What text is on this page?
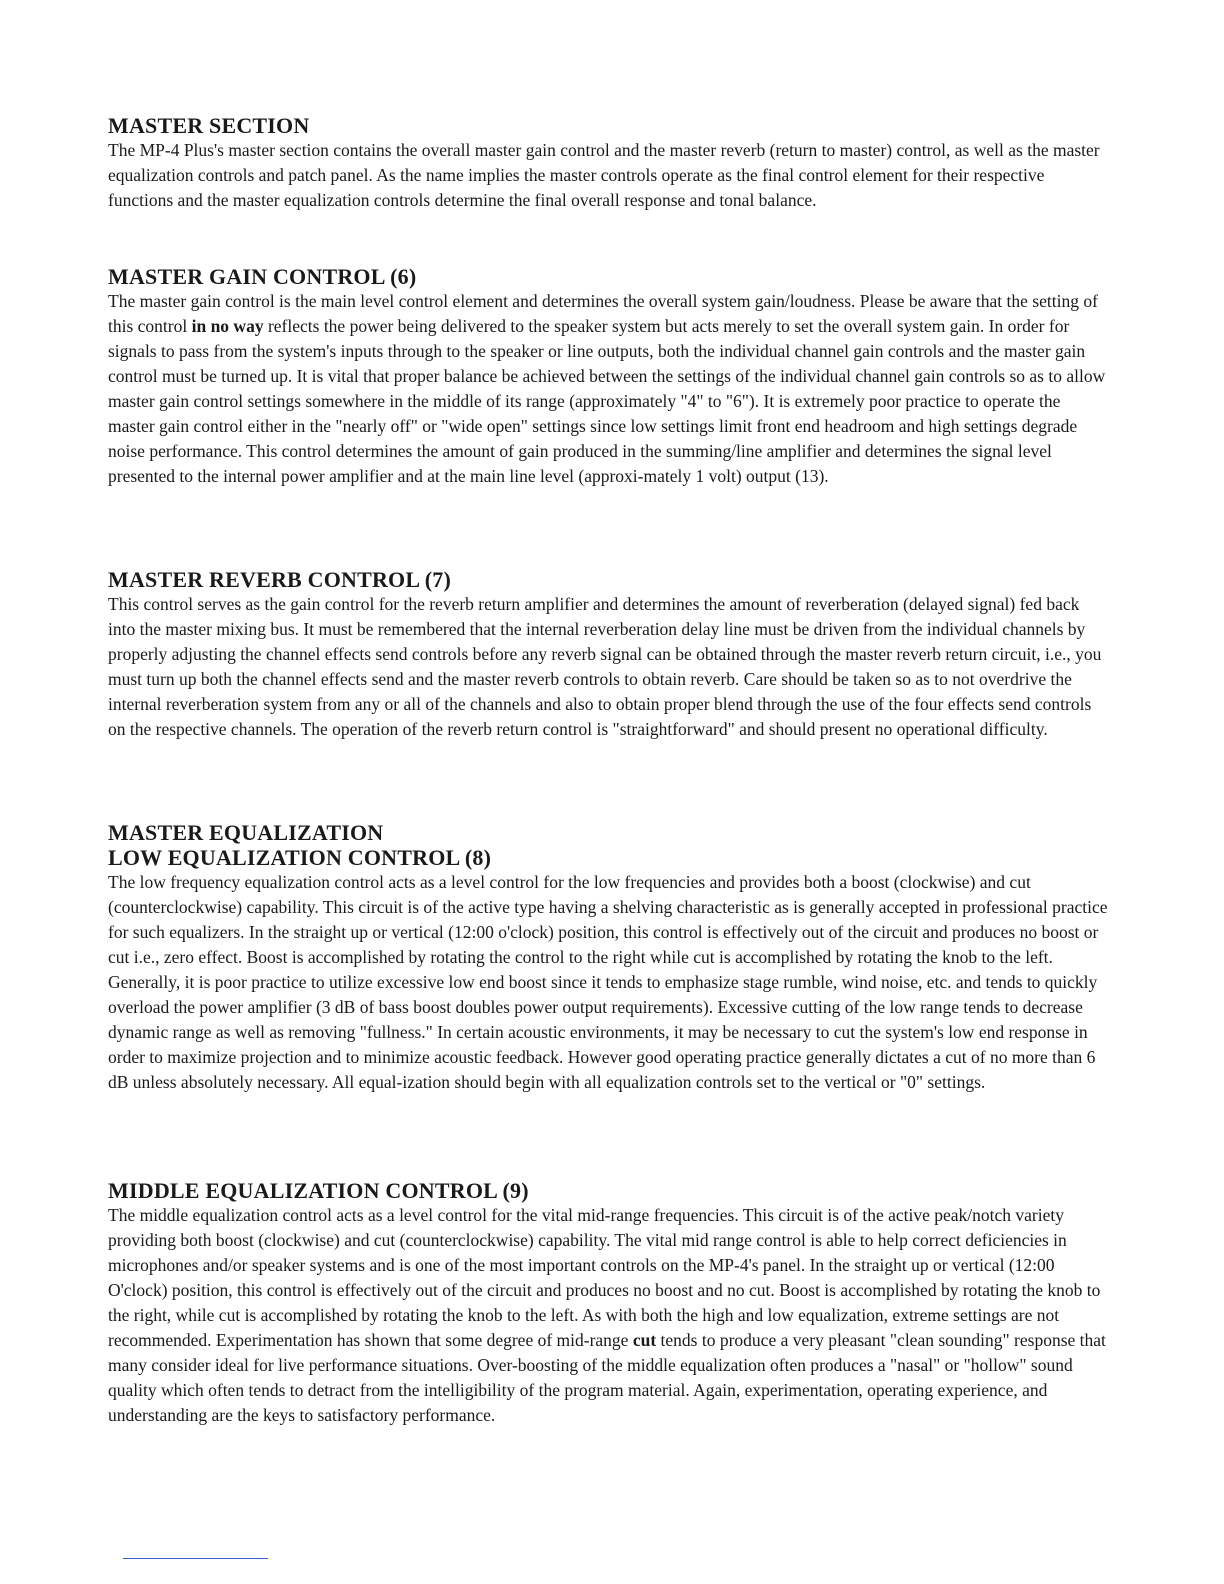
MASTER SECTION

The MP-4 Plus's master section contains the overall master gain control and the master reverb (return to master) control, as well as the master equalization controls and patch panel. As the name implies the master controls operate as the final control element for their respective functions and the master equalization controls determine the final overall response and tonal balance.

MASTER GAIN CONTROL (6)

The master gain control is the main level control element and determines the overall system gain/loudness. Please be aware that the setting of this control in no way reflects the power being delivered to the speaker system but acts merely to set the overall system gain. In order for signals to pass from the system's inputs through to the speaker or line outputs, both the individual channel gain controls and the master gain control must be turned up. It is vital that proper balance be achieved between the settings of the individual channel gain controls so as to allow master gain control settings somewhere in the middle of its range (approximately "4" to "6"). It is extremely poor practice to operate the master gain control either in the "nearly off" or "wide open" settings since low settings limit front end headroom and high settings degrade noise performance. This control determines the amount of gain produced in the summing/line amplifier and determines the signal level presented to the internal power amplifier and at the main line level (approxi-mately 1 volt) output (13).

MASTER REVERB CONTROL (7)

This control serves as the gain control for the reverb return amplifier and determines the amount of reverberation (delayed signal) fed back into the master mixing bus. It must be remembered that the internal reverberation delay line must be driven from the individual channels by properly adjusting the channel effects send controls before any reverb signal can be obtained through the master reverb return circuit, i.e., you must turn up both the channel effects send and the master reverb controls to obtain reverb. Care should be taken so as to not overdrive the internal reverberation system from any or all of the channels and also to obtain proper blend through the use of the four effects send controls on the respective channels. The operation of the reverb return control is "straightforward" and should present no operational difficulty.

MASTER EQUALIZATION
LOW EQUALIZATION CONTROL (8)

The low frequency equalization control acts as a level control for the low frequencies and provides both a boost (clockwise) and cut (counterclockwise) capability. This circuit is of the active type having a shelving characteristic as is generally accepted in professional practice for such equalizers. In the straight up or vertical (12:00 o'clock) position, this control is effectively out of the circuit and produces no boost or cut i.e., zero effect. Boost is accomplished by rotating the control to the right while cut is accomplished by rotating the knob to the left. Generally, it is poor practice to utilize excessive low end boost since it tends to emphasize stage rumble, wind noise, etc. and tends to quickly overload the power amplifier (3 dB of bass boost doubles power output requirements). Excessive cutting of the low range tends to decrease dynamic range as well as removing "fullness." In certain acoustic environments, it may be necessary to cut the system's low end response in order to maximize projection and to minimize acoustic feedback. However good operating practice generally dictates a cut of no more than 6 dB unless absolutely necessary. All equal-ization should begin with all equalization controls set to the vertical or "0" settings.

MIDDLE EQUALIZATION CONTROL (9)

The middle equalization control acts as a level control for the vital mid-range frequencies. This circuit is of the active peak/notch variety providing both boost (clockwise) and cut (counterclockwise) capability. The vital mid range control is able to help correct deficiencies in microphones and/or speaker systems and is one of the most important controls on the MP-4's panel. In the straight up or vertical (12:00 O'clock) position, this control is effectively out of the circuit and produces no boost and no cut. Boost is accomplished by rotating the knob to the right, while cut is accomplished by rotating the knob to the left. As with both the high and low equalization, extreme settings are not recommended. Experimentation has shown that some degree of mid-range cut tends to produce a very pleasant "clean sounding" response that many consider ideal for live performance situations. Over-boosting of the middle equalization often produces a "nasal" or "hollow" sound quality which often tends to detract from the intelligibility of the program material. Again, experimentation, operating experience, and understanding are the keys to satisfactory performance.
